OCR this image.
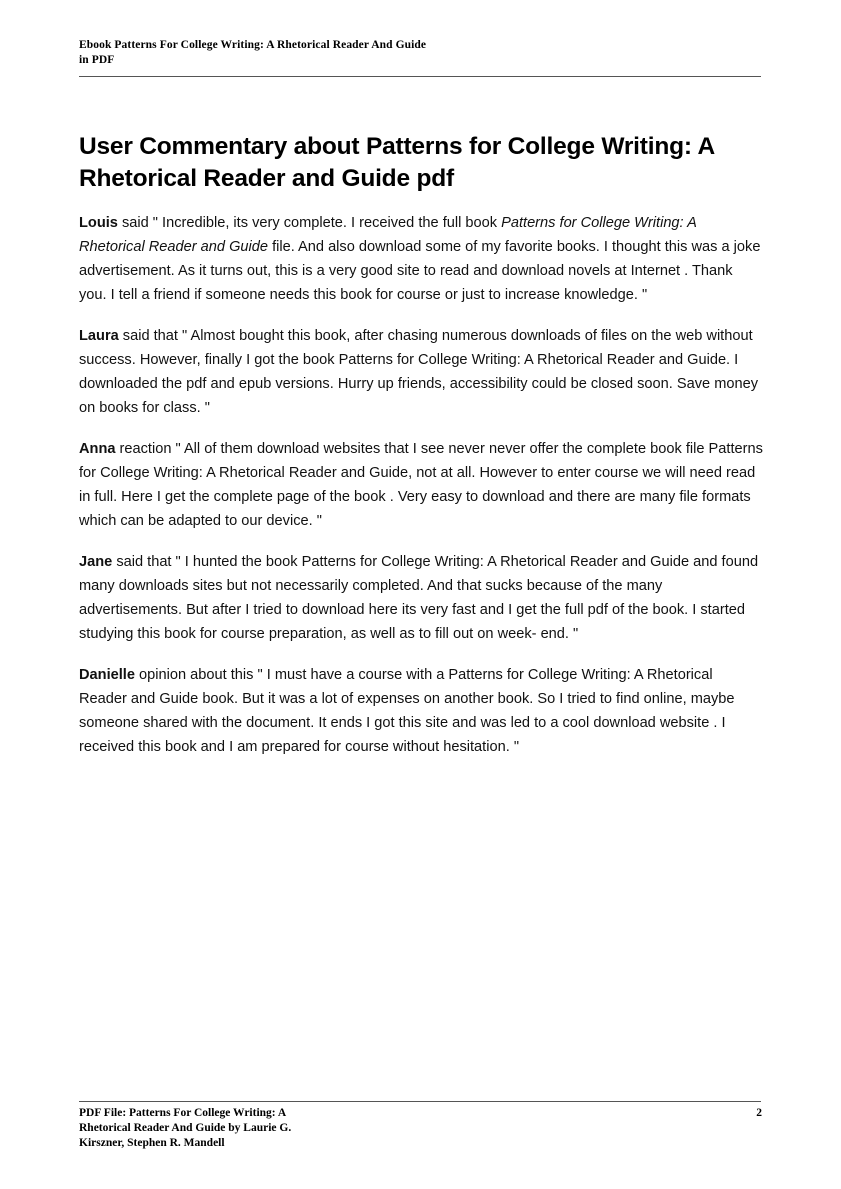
Ebook Patterns For College Writing: A Rhetorical Reader And Guide
in PDF
User Commentary about Patterns for College Writing: A Rhetorical Reader and Guide pdf

Louis said " Incredible, its very complete. I received the full book Patterns for College Writing: A Rhetorical Reader and Guide file. And also download some of my favorite books. I thought this was a joke advertisement. As it turns out, this is a very good site to read and download novels at Internet . Thank you. I tell a friend if someone needs this book for course or just to increase knowledge. "

Laura said that " Almost bought this book, after chasing numerous downloads of files on the web without success. However, finally I got the book Patterns for College Writing: A Rhetorical Reader and Guide. I downloaded the pdf and epub versions. Hurry up friends, accessibility could be closed soon. Save money on books for class. "

Anna reaction " All of them download websites that I see never never offer the complete book file Patterns for College Writing: A Rhetorical Reader and Guide, not at all. However to enter course we will need read in full. Here I get the complete page of the book . Very easy to download and there are many file formats which can be adapted to our device. "

Jane said that " I hunted the book Patterns for College Writing: A Rhetorical Reader and Guide and found many downloads sites but not necessarily completed. And that sucks because of the many advertisements. But after I tried to download here its very fast and I get the full pdf of the book. I started studying this book for course preparation, as well as to fill out on week- end. "

Danielle opinion about this " I must have a course with a Patterns for College Writing: A Rhetorical Reader and Guide book. But it was a lot of expenses on another book. So I tried to find online, maybe someone shared with the document. It ends I got this site and was led to a cool download website . I received this book and I am prepared for course without hesitation. "

PDF File: Patterns For College Writing: A
Rhetorical Reader And Guide by Laurie G.
Kirszner, Stephen R. Mandell
2
